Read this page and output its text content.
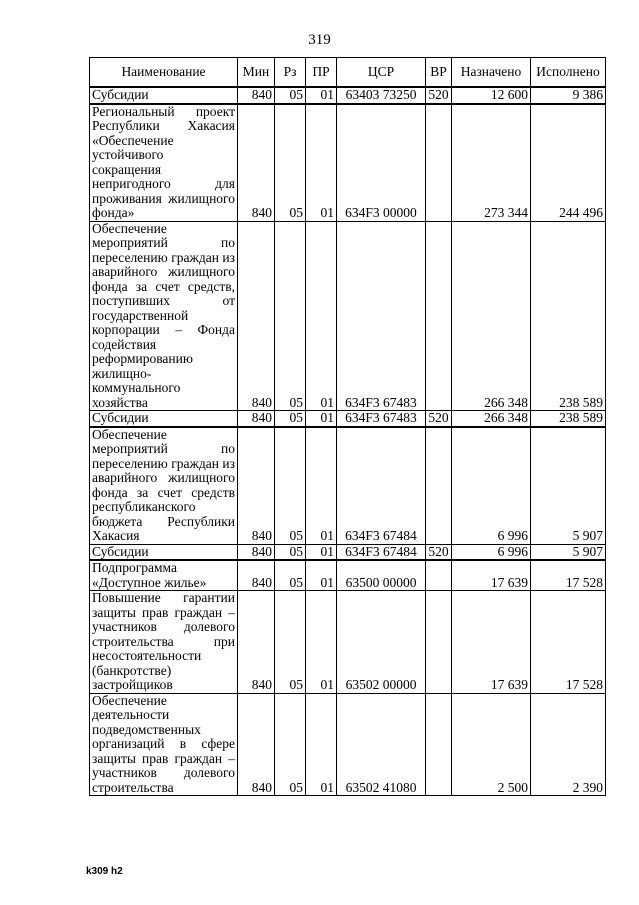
319
Наименование	Мин	Рз	ПР	ЦСР	ВР	Назначено	Исполнено
Субсидии	840	05	01	63403 73250	520	12 600	9 386
Региональный проект Республики Хакасия «Обеспечение устойчивого сокращения непригодного для проживания жилищного фонда»	840	05	01	634F3 00000		273 344	244 496
Обеспечение мероприятий по переселению граждан из аварийного жилищного фонда за счет средств, поступивших от государственной корпорации – Фонда содействия реформированию жилищно-коммунального хозяйства	840	05	01	634F3 67483		266 348	238 589
Субсидии	840	05	01	634F3 67483	520	266 348	238 589
Обеспечение мероприятий по переселению граждан из аварийного жилищного фонда за счет средств республиканского бюджета Республики Хакасия	840	05	01	634F3 67484		6 996	5 907
Субсидии	840	05	01	634F3 67484	520	6 996	5 907
Подпрограмма «Доступное жилье»	840	05	01	63500 00000		17 639	17 528
Повышение гарантии защиты прав граждан – участников долевого строительства при несостоятельности (банкротстве) застройщиков	840	05	01	63502 00000		17 639	17 528
Обеспечение деятельности подведомственных организаций в сфере защиты прав граждан – участников долевого строительства	840	05	01	63502 41080		2 500	2 390
k309 h2
